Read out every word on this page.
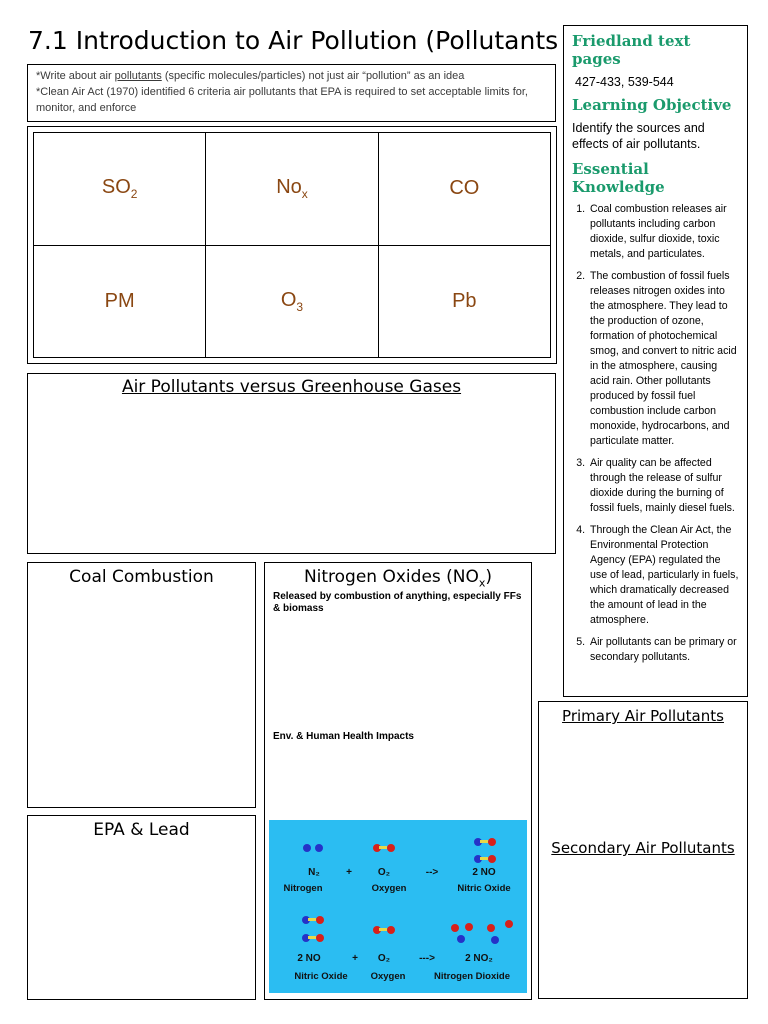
7.1 Introduction to Air Pollution (Pollutants
*Write about air pollutants (specific molecules/particles) not just air “pollution” as an idea
*Clean Air Act (1970) identified 6 criteria air pollutants that EPA is required to set acceptable limits for, monitor, and enforce
$SO_2$	$No_x$	CO
PM	$O_3$	Pb
Air Pollutants versus Greenhouse Gases
Coal Combustion	Nitrogen Oxides $(NO_x)$
Released by combustion of anything, especially FFs & biomass
Env. & Human Health Impacts
EPA & Lead
N₂	+	O₂	-->	2 NO
Nitrogen	Oxygen	Nitric Oxide
2 NO	+	O₂	--->	2 NO₂
Nitric Oxide	Oxygen	Nitrogen Dioxide
Friedland text pages
427-433, 539-544
Learning Objective
Identify the sources and effects of air pollutants.
Essential Knowledge
1. Coal combustion releases air pollutants including carbon dioxide, sulfur dioxide, toxic metals, and particulates.
2. The combustion of fossil fuels releases nitrogen oxides into the atmosphere. They lead to the production of ozone, formation of photochemical smog, and convert to nitric acid in the atmosphere, causing acid rain. Other pollutants produced by fossil fuel combustion include carbon monoxide, hydrocarbons, and particulate matter.
3. Air quality can be affected through the release of sulfur dioxide during the burning of fossil fuels, mainly diesel fuels.
4. Through the Clean Air Act, the Environmental Protection Agency (EPA) regulated the use of lead, particularly in fuels, which dramatically decreased the amount of lead in the atmosphere.
5. Air pollutants can be primary or secondary pollutants.
Primary Air Pollutants
Secondary Air Pollutants
